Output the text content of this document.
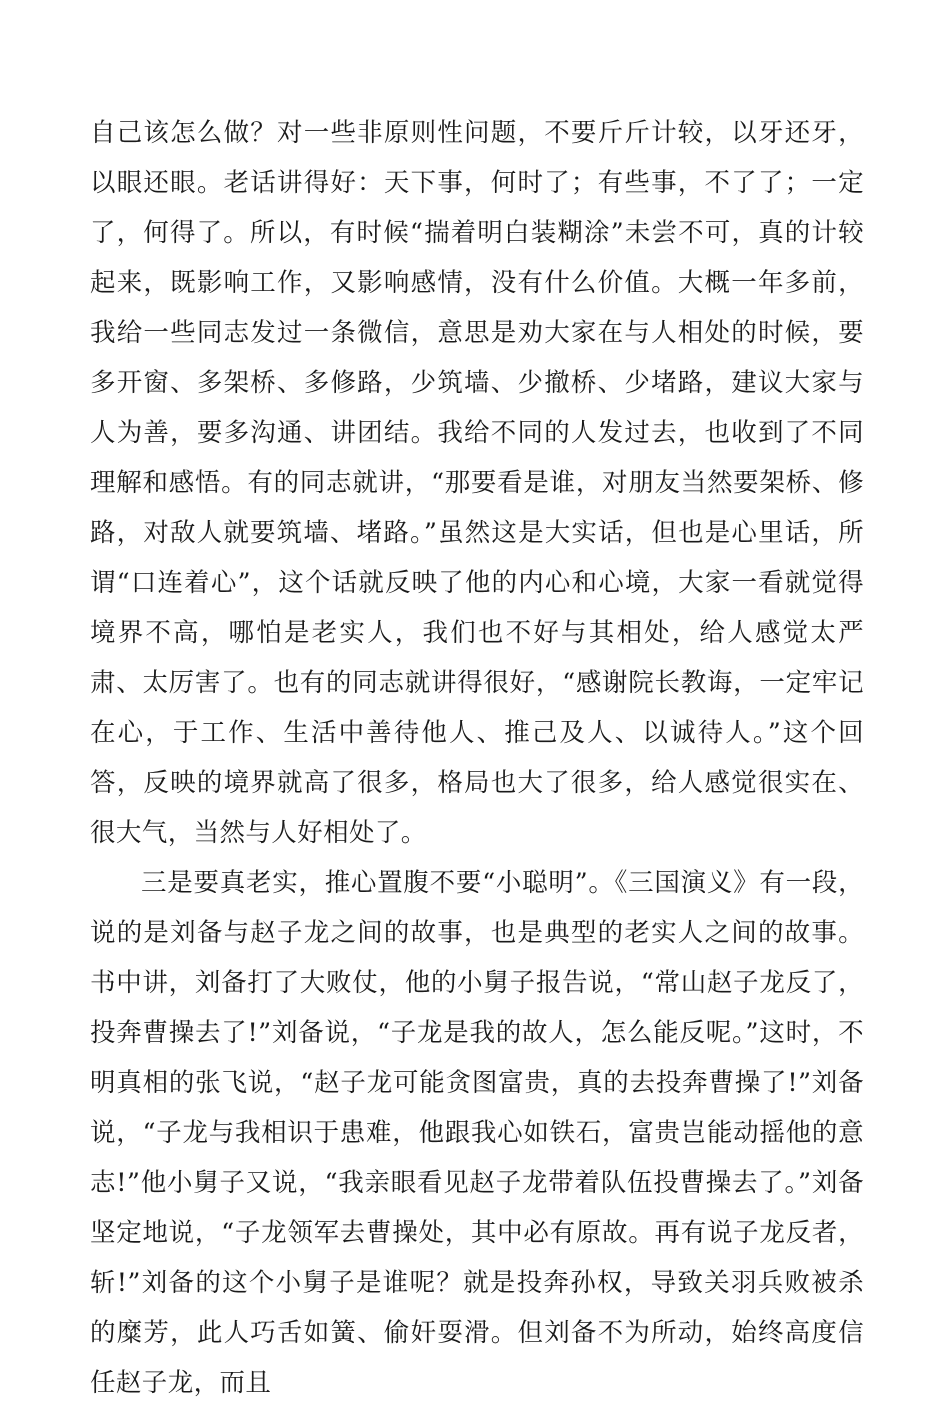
自己该怎么做？对一些非原则性问题，不要斤斤计较，以牙还牙，以眼还眼。老话讲得好：天下事，何时了；有些事，不了了；一定了，何得了。所以，有时候“揣着明白装糊涂”未尝不可，真的计较起来，既影响工作，又影响感情，没有什么价值。大概一年多前，我给一些同志发过一条微信，意思是劝大家在与人相处的时候，要多开窗、多架桥、多修路，少筑墙、少撤桥、少堵路，建议大家与人为善，要多沟通、讲团结。我给不同的人发过去，也收到了不同理解和感悟。有的同志就讲，“那要看是谁，对朋友当然要架桥、修路，对敌人就要筑墙、堵路。”虽然这是大实话，但也是心里话，所谓“口连着心”，这个话就反映了他的内心和心境，大家一看就觉得境界不高，哪怕是老实人，我们也不好与其相处，给人感觉太严肃、太厉害了。也有的同志就讲得很好，“感谢院长教诲，一定牢记在心，于工作、生活中善待他人、推己及人、以诚待人。”这个回答，反映的境界就高了很多，格局也大了很多，给人感觉很实在、很大气，当然与人好相处了。

三是要真老实，推心置腹不要“小聪明”。《三国演义》有一段，说的是刘备与赵子龙之间的故事，也是典型的老实人之间的故事。书中讲，刘备打了大败仗，他的小舅子报告说，“常山赵子龙反了，投奔曹操去了!”刘备说，“子龙是我的故人，怎么能反呢。”这时，不明真相的张飞说，“赵子龙可能贪图富贵，真的去投奔曹操了!”刘备说，“子龙与我相识于患难，他跟我心如铁石，富贵岂能动摇他的意志!”他小舅子又说，“我亲眼看见赵子龙带着队伍投曹操去了。”刘备坚定地说，“子龙领军去曹操处，其中必有原故。再有说子龙反者，斩!”刘备的这个小舅子是谁呢？就是投奔孙权，导致关羽兵败被杀的糜芳，此人巧舌如簧、偷奸耍滑。但刘备不为所动，始终高度信任赵子龙，而且
